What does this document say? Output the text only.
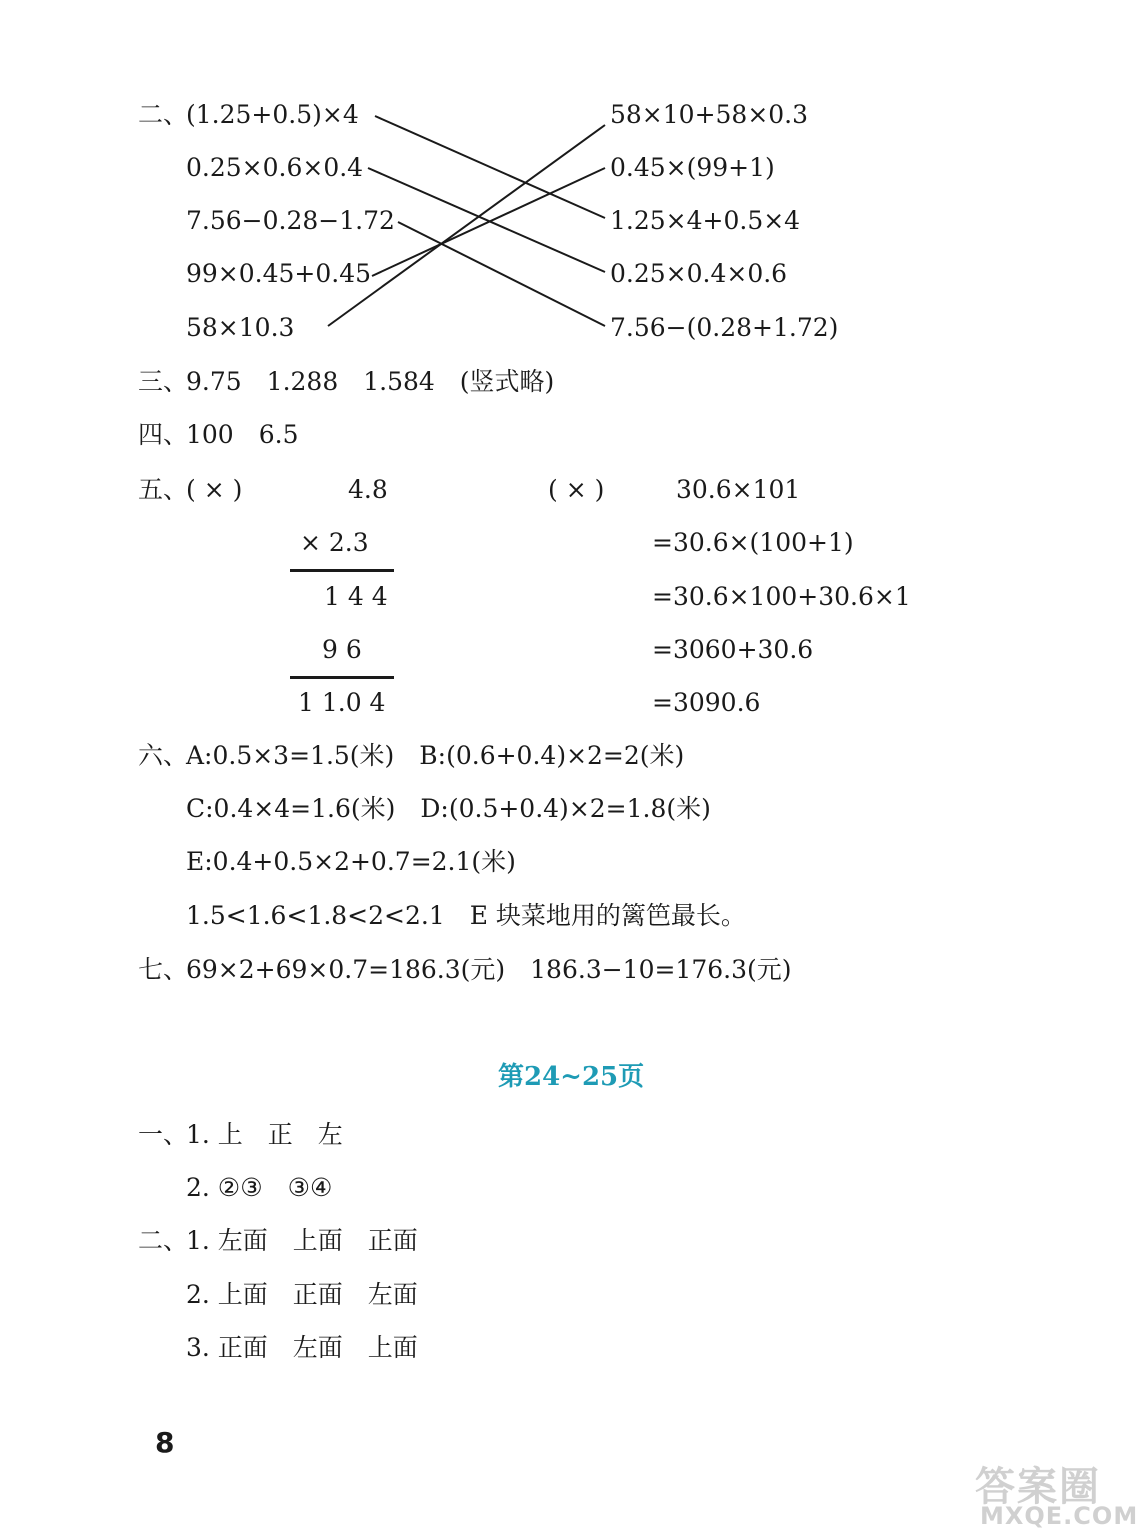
二、
(1.25+0.5)×4
0.25×0.6×0.4
7.56−0.28−1.72
99×0.45+0.45
58×10.3
58×10+58×0.3
0.45×(99+1)
1.25×4+0.5×4
0.25×0.4×0.6
7.56−(0.28+1.72)
三、
9.75　1.288　1.584　(竖式略)
四、
100　6.5
五、
( × )	4.8
× 2.3
1 4 4
9 6
1 1.0 4
( × )	30.6×101
=30.6×(100+1)
=30.6×100+30.6×1
=3060+30.6
=3090.6
六、
A:0.5×3=1.5(米)　B:(0.6+0.4)×2=2(米)
C:0.4×4=1.6(米)　D:(0.5+0.4)×2=1.8(米)
E:0.4+0.5×2+0.7=2.1(米)
1.5<1.6<1.8<2<2.1　E 块菜地用的篱笆最长。
七、
69×2+69×0.7=186.3(元)　186.3−10=176.3(元)
第24~25页
一、
1. 上　正　左
2. ②③　③④
二、
1. 左面　上面　正面
2. 上面　正面　左面
3. 正面　左面　上面
8
答案圈
MXQE.COM
